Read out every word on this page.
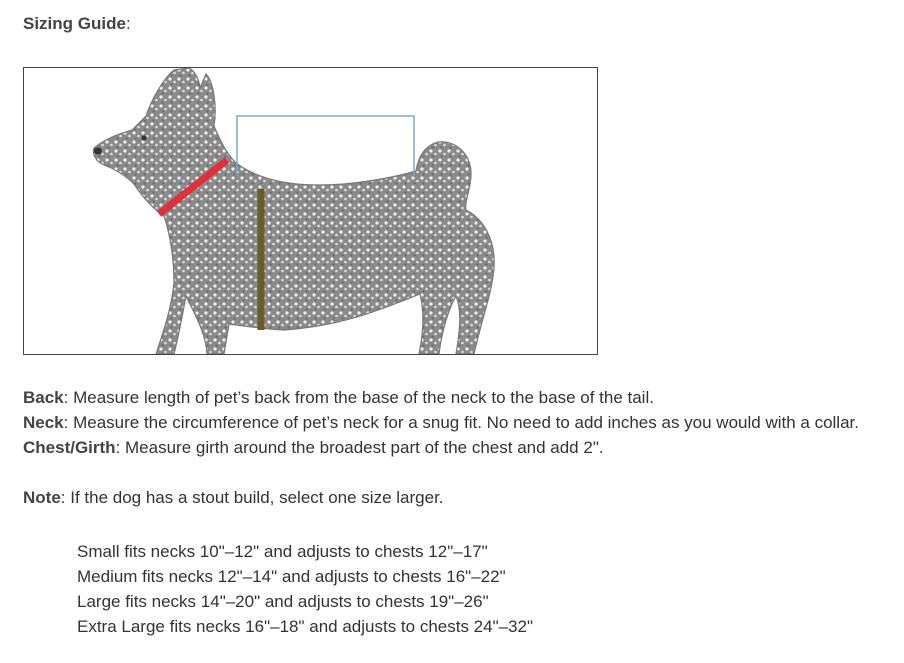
Sizing Guide:
Back: Measure length of pet’s back from the base of the neck to the base of the tail.
Neck: Measure the circumference of pet’s neck for a snug fit. No need to add inches as you would with a collar.
Chest/Girth: Measure girth around the broadest part of the chest and add 2".
Note: If the dog has a stout build, select one size larger.
Small fits necks 10"–12" and adjusts to chests 12"–17"
Medium fits necks 12"–14" and adjusts to chests 16"–22"
Large fits necks 14"–20" and adjusts to chests 19"–26"
Extra Large fits necks 16"–18" and adjusts to chests 24"–32"
